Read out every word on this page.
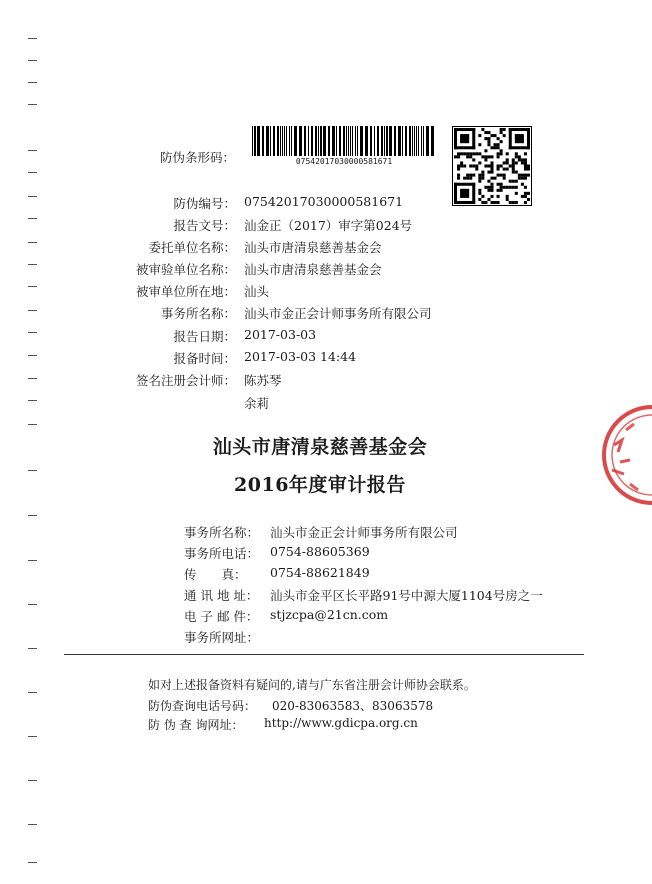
防伪条形码：	07542017030000581671
防伪编号： 07542017030000581671
报告文号： 汕金正（2017）审字第024号
委托单位名称： 汕头市唐清泉慈善基金会
被审验单位名称： 汕头市唐清泉慈善基金会
被审单位所在地： 汕头
事务所名称： 汕头市金正会计师事务所有限公司
报告日期： 2017-03-03
报备时间： 2017-03-03 14:44
签名注册会计师： 陈苏琴
余莉
汕头市唐清泉慈善基金会
2016年度审计报告
事务所名称： 汕头市金正会计师事务所有限公司
事务所电话： 0754-88605369
传　　真： 0754-88621849
通 讯 地 址： 汕头市金平区长平路91号中源大厦1104号房之一
电 子 邮 件： stjzcpa@21cn.com
事务所网址：
如对上述报备资料有疑问的,请与广东省注册会计师协会联系。
防伪查询电话号码： 020-83063583、83063578
防 伪 查 询网址： http://www.gdicpa.org.cn
